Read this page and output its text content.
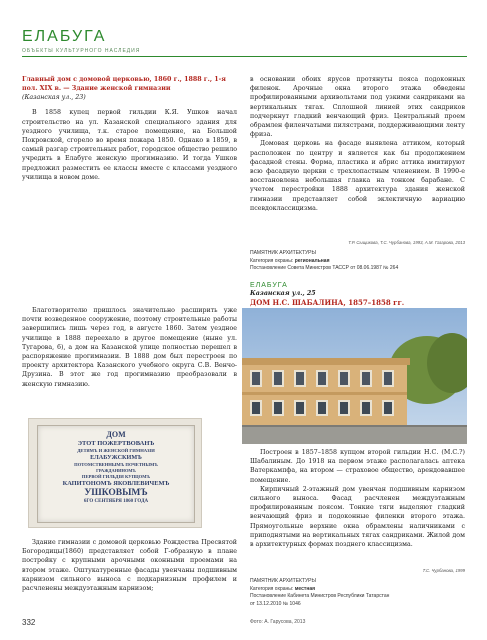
ЕЛАБУГА
ОБЪЕКТЫ КУЛЬТУРНОГО НАСЛЕДИЯ
Главный дом с домовой церковью, 1860 г., 1888 г., 1-я пол. XIX в. — Здание женской гимназии
(Казанская ул., 23)

В 1858 купец первой гильдии К.Я. Ушков начал строительство на ул. Казанской специального здания для уездного училища, т.к. старое помещение, на Большой Покровской, сгорело во время пожара 1850. Однако в 1859, в самый разгар строительных работ, городское общество решило учредить в Елабуге женскую прогимназию. И тогда Ушков предложил разместить ее классы вместе с классами уездного училища в новом доме.

Благотворителю пришлось значительно расширить уже почти возведенное сооружение, поэтому строительные работы завершились лишь через год, в августе 1860. Затем уездное училище в 1888 переехало в другое помещение (ныне ул. Тугарова, 6), а дом на Казанской улице полностью перешел в распоряжение прогимназии. В 1888 дом был перестроен по проекту архитектора Казанского учебного округа С.В. Венчо-Друзина. В этот же год прогимназию преобразовали в женскую гимназию.

ДОМ
ЭТОТ ПОЖЕРТВОВАНЪ
ДЕТЯМЪ И ЖЕНСКОЙ ГИМНАЗІИ
ЕЛАБУЖСКИМЪ
ПОТОМСТВЕННЫМЪ ПОЧЕТНЫМЪ
ГРАЖДАНИНОМЪ
ПЕРВОЙ ГИЛЬДІИ КУПЦОМЪ
КАПИТОНОМЪ ЯКОВЛЕВИЧЕМЪ
УШКОВЫМЪ
6ГО СЕНТЯБРЯ 1860 ГОДА

Здание гимназии с домовой церковью Рождества Пресвятой Богородицы(1860) представляет собой Г-образную в плане постройку с крупными арочными оконными проемами на втором этаже. Оштукатуренные фасады увенчаны подшивным карнизом сильного выноса с подкарнизным профилем и расчленены междуэтажным карнизом;

в основании обоих ярусов протянуты пояса подоконных филенок. Арочные окна второго этажа обведены профилированными архивольтами под узкими сандриками на вертикальных тягах. Сплошной линией этих сандриков подчеркнут гладкий венчающий фриз. Центральный проем обрамлен филенчатыми пилястрами, поддерживающими ленту фриза.

Домовая церковь на фасаде выявлена аттиком, который расположен по центру и является как бы продолжением фасадной стены. Форма, пластика и абрис аттика имитируют всю фасадную церкви с трехлопастным членением. В 1990-е восстановлена небольшая главка на тонком барабане. С учетом перестройки 1888 архитектура здания женской гимназии представляет собой эклектичную вариацию псевдоклассицизма.

Т.Р. Сыщикова, Т.С. Чурбанова, 1993, А.М. Газарова, 2013
ПАМЯТНИК АРХИТЕКТУРЫ
Категория охраны: региональная
Постановление Совета Министров ТАССР от 08.06.1987 № 264
ЕЛАБУГА
Казанская ул., 25
ДОМ Н.С. ШАБАЛИНА, 1857–1858 гг.

Построен в 1857–1858 купцом второй гильдии Н.С. (М.С.?) Шабалиным. До 1918 на первом этаже располагалась аптека Ватеркампфа, на втором — страховое общество, арендовавшее помещение.

Кирпичный 2-этажный дом увенчан подшивным карнизом сильного выноса. Фасад расчленен междуэтажным профилированным поясом. Тонкие тяги выделяют гладкий венчающий фриз и подоконные филенки второго этажа. Прямоугольные верхние окна обрамлены наличниками с приподнятыми на вертикальных тягах сандриками. Жилой дом в архитектурных формах позднего классицизма.

Т.С. Чурбанова, 1999
ПАМЯТНИК АРХИТЕКТУРЫ
Категория охраны: местная
Постановление Кабинета Министров Республики Татарстан
от 13.12.2010 № 1046
332	Фото: А. Гарусова, 2013
